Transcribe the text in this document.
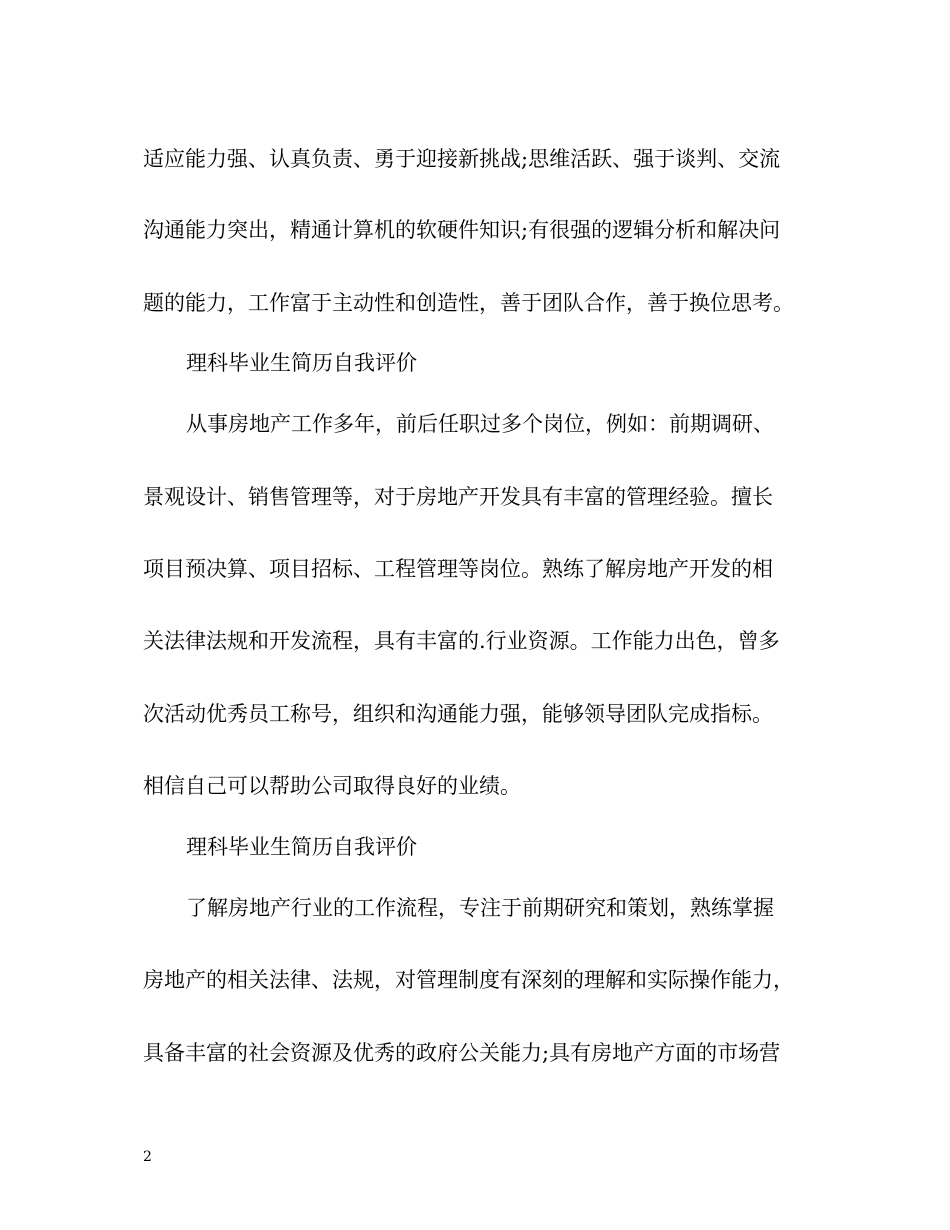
适应能力强、认真负责、勇于迎接新挑战;思维活跃、强于谈判、交流
沟通能力突出，精通计算机的软硬件知识;有很强的逻辑分析和解决问
题的能力，工作富于主动性和创造性，善于团队合作，善于换位思考。
理科毕业生简历自我评价
从事房地产工作多年，前后任职过多个岗位，例如：前期调研、
景观设计、销售管理等，对于房地产开发具有丰富的管理经验。擅长
项目预决算、项目招标、工程管理等岗位。熟练了解房地产开发的相
关法律法规和开发流程，具有丰富的.行业资源。工作能力出色，曾多
次活动优秀员工称号，组织和沟通能力强，能够领导团队完成指标。
相信自己可以帮助公司取得良好的业绩。
理科毕业生简历自我评价
了解房地产行业的工作流程，专注于前期研究和策划，熟练掌握
房地产的相关法律、法规，对管理制度有深刻的理解和实际操作能力，
具备丰富的社会资源及优秀的政府公关能力;具有房地产方面的市场营
2
